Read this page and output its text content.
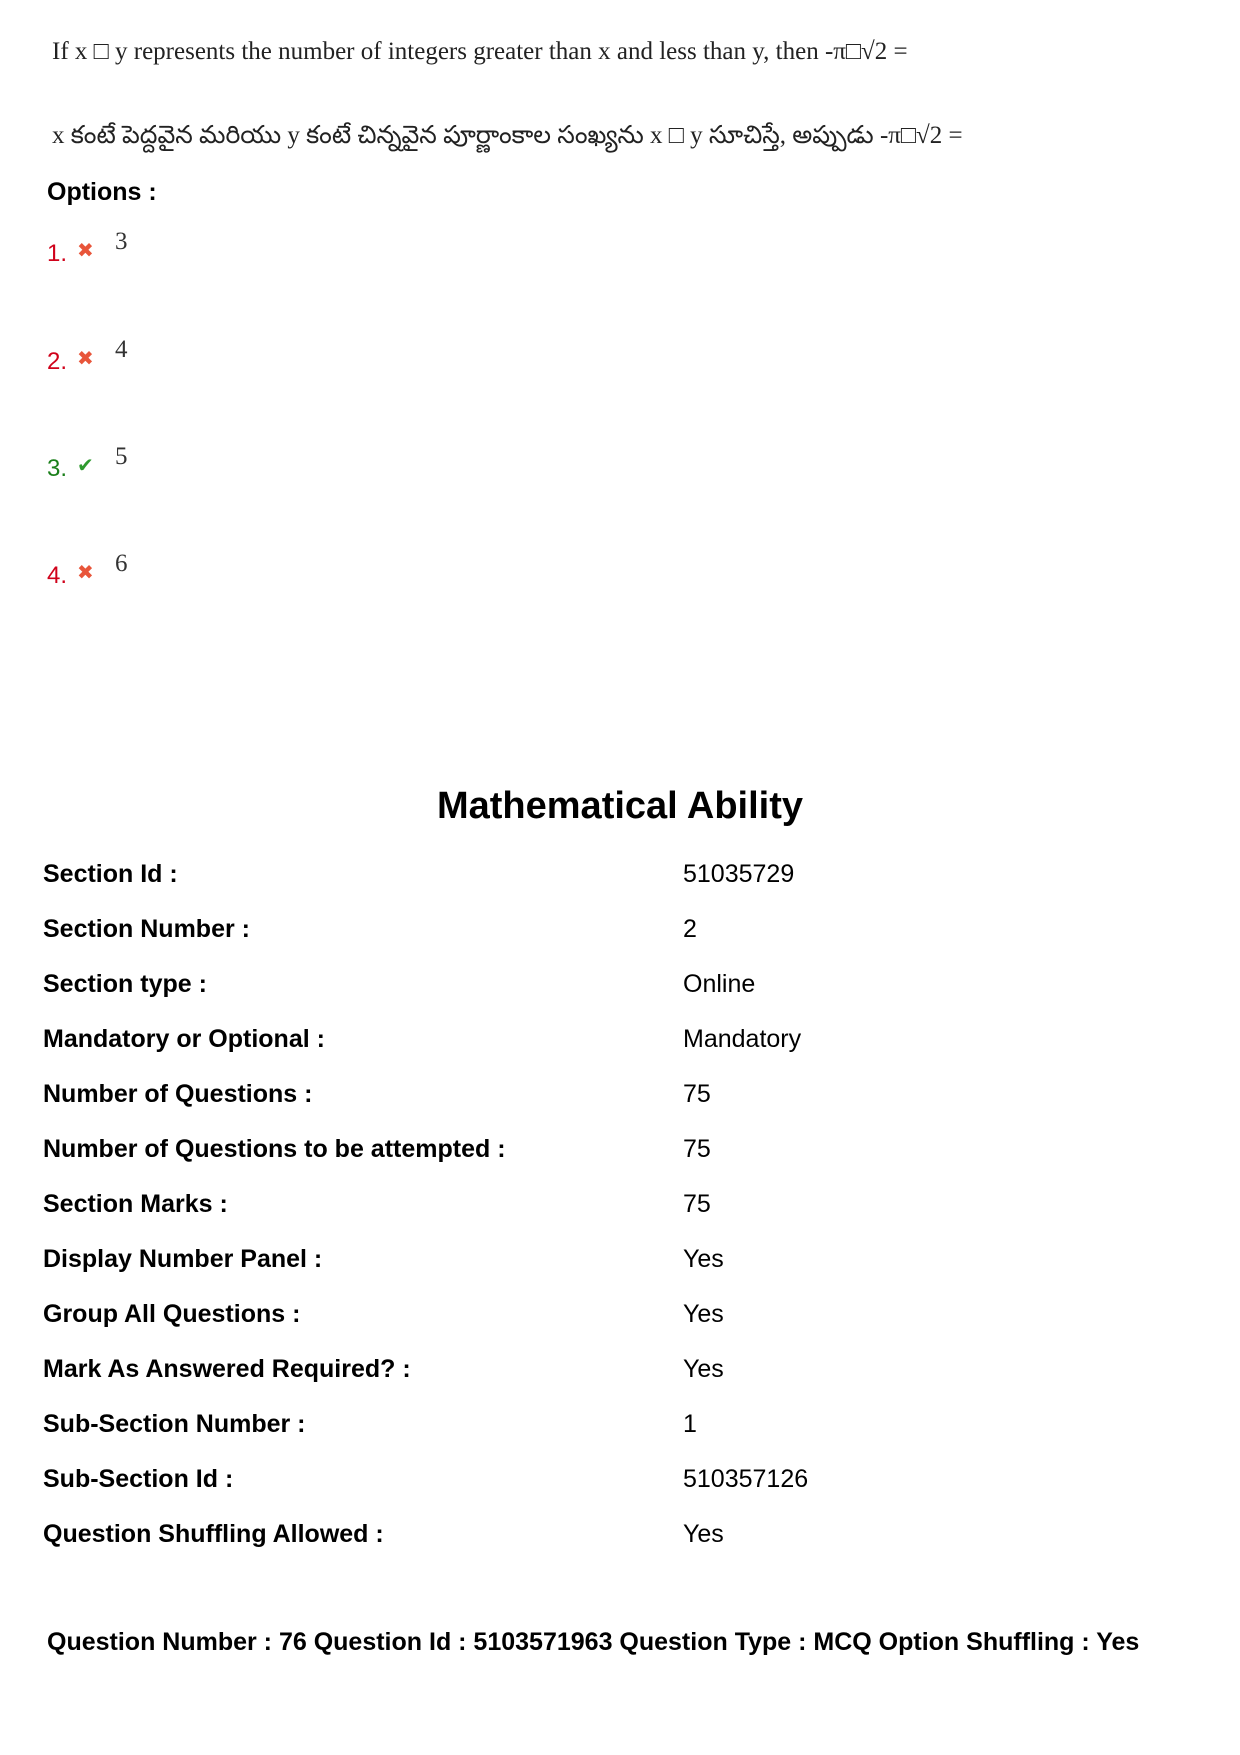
If x □ y represents the number of integers greater than x and less than y, then -π□√2 =
x కంటే పెద్దవైన మరియు y కంటే చిన్నవైన పూర్ణాంకాల సంఖ్యను x □ y సూచిస్తే, అప్పుడు -π□√2 =
Options :
1. ✖ 3
2. ✖ 4
3. ✔ 5
4. ✖ 6
Mathematical Ability
Section Id :	51035729
Section Number :	2
Section type :	Online
Mandatory or Optional :	Mandatory
Number of Questions :	75
Number of Questions to be attempted :	75
Section Marks :	75
Display Number Panel :	Yes
Group All Questions :	Yes
Mark As Answered Required? :	Yes
Sub-Section Number :	1
Sub-Section Id :	510357126
Question Shuffling Allowed :	Yes
Question Number : 76 Question Id : 5103571963 Question Type : MCQ Option Shuffling : Yes
